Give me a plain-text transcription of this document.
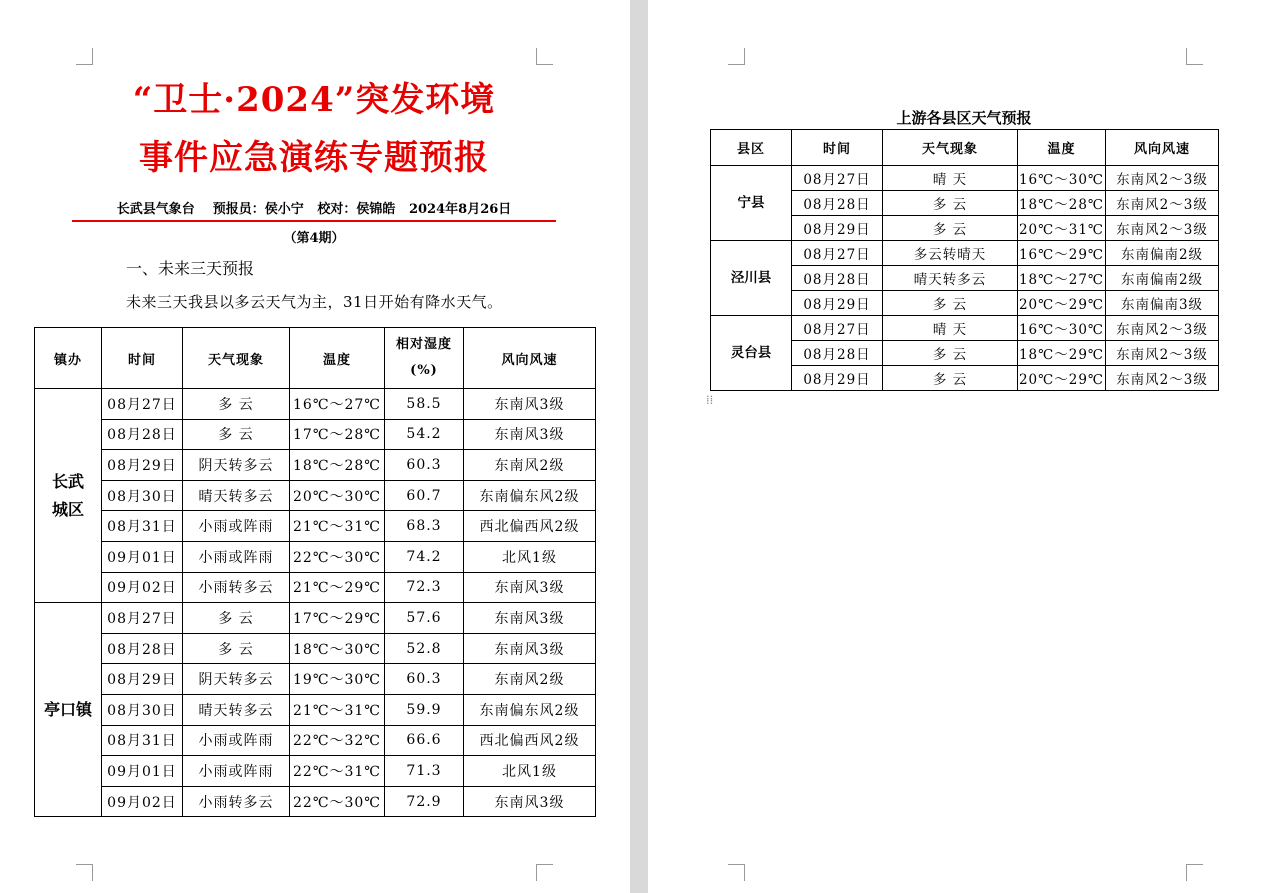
“卫士·2024”突发环境

事件应急演练专题预报

长武县气象台    预报员：侯小宁   校对：侯锦皓   2024年8月26日
（第4期）
一、未来三天预报
未来三天我县以多云天气为主，31日开始有降水天气。
镇办	时间	天气现象	温度	相对湿度(%)	风向风速
长武城区	08月27日	多 云	16℃～27℃	58.5	东南风3级
	08月28日	多 云	17℃～28℃	54.2	东南风3级
	08月29日	阴天转多云	18℃～28℃	60.3	东南风2级
	08月30日	晴天转多云	20℃～30℃	60.7	东南偏东风2级
	08月31日	小雨或阵雨	21℃～31℃	68.3	西北偏西风2级
	09月01日	小雨或阵雨	22℃～30℃	74.2	北风1级
	09月02日	小雨转多云	21℃～29℃	72.3	东南风3级
亭口镇	08月27日	多 云	17℃～29℃	57.6	东南风3级
	08月28日	多 云	18℃～30℃	52.8	东南风3级
	08月29日	阴天转多云	19℃～30℃	60.3	东南风2级
	08月30日	晴天转多云	21℃～31℃	59.9	东南偏东风2级
	08月31日	小雨或阵雨	22℃～32℃	66.6	西北偏西风2级
	09月01日	小雨或阵雨	22℃～31℃	71.3	北风1级
	09月02日	小雨转多云	22℃～30℃	72.9	东南风3级
上游各县区天气预报
县区	时间	天气现象	温度	风向风速
宁县	08月27日	晴 天	16℃～30℃	东南风2～3级
	08月28日	多 云	18℃～28℃	东南风2～3级
	08月29日	多 云	20℃～31℃	东南风2～3级
泾川县	08月27日	多云转晴天	16℃～29℃	东南偏南2级
	08月28日	晴天转多云	18℃～27℃	东南偏南2级
	08月29日	多 云	20℃～29℃	东南偏南3级
灵台县	08月27日	晴 天	16℃～30℃	东南风2～3级
	08月28日	多 云	18℃～29℃	东南风2～3级
	08月29日	多 云	20℃～29℃	东南风2～3级
⁞⁞
